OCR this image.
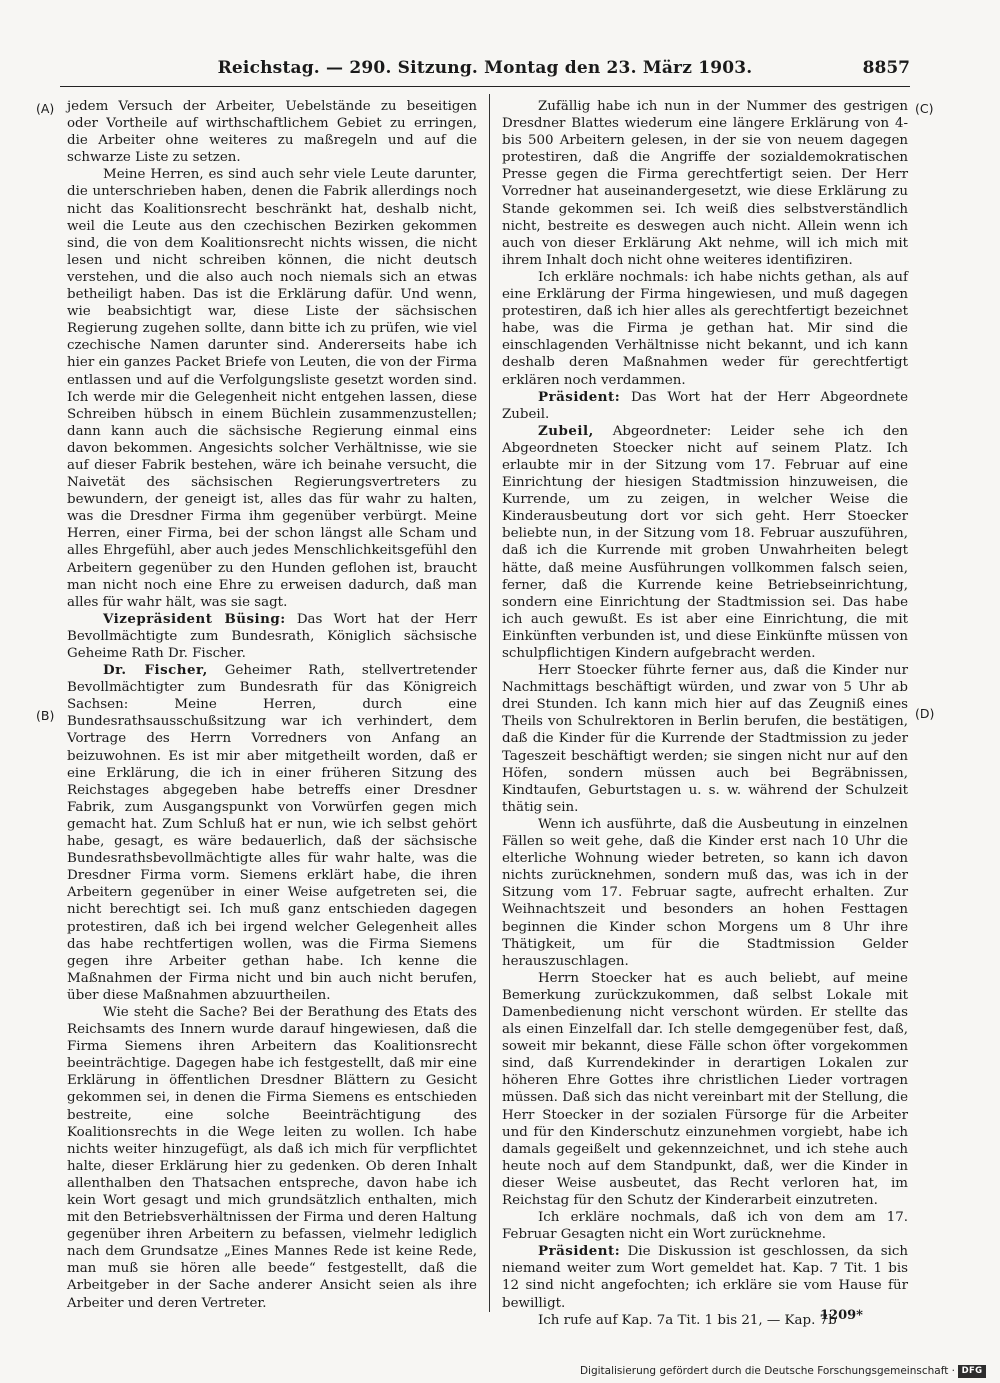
Reichstag. — 290. Sitzung. Montag den 23. März 1903.	8857
(A)
(B)
(C)
(D)

jedem Versuch der Arbeiter, Uebelstände zu beseitigen oder Vortheile auf wirthschaftlichem Gebiet zu erringen, die Arbeiter ohne weiteres zu maßregeln und auf die schwarze Liste zu setzen.

Meine Herren, es sind auch sehr viele Leute darunter, die unterschrieben haben, denen die Fabrik allerdings noch nicht das Koalitionsrecht beschränkt hat, deshalb nicht, weil die Leute aus den czechischen Bezirken gekommen sind, die von dem Koalitionsrecht nichts wissen, die nicht lesen und nicht schreiben können, die nicht deutsch verstehen, und die also auch noch niemals sich an etwas betheiligt haben. Das ist die Erklärung dafür. Und wenn, wie beabsichtigt war, diese Liste der sächsischen Regierung zugehen sollte, dann bitte ich zu prüfen, wie viel czechische Namen darunter sind. Andererseits habe ich hier ein ganzes Packet Briefe von Leuten, die von der Firma entlassen und auf die Verfolgungsliste gesetzt worden sind. Ich werde mir die Gelegenheit nicht entgehen lassen, diese Schreiben hübsch in einem Büchlein zusammenzustellen; dann kann auch die sächsische Regierung einmal eins davon bekommen. Angesichts solcher Verhältnisse, wie sie auf dieser Fabrik bestehen, wäre ich beinahe versucht, die Naivetät des sächsischen Regierungsvertreters zu bewundern, der geneigt ist, alles das für wahr zu halten, was die Dresdner Firma ihm gegenüber verbürgt. Meine Herren, einer Firma, bei der schon längst alle Scham und alles Ehrgefühl, aber auch jedes Menschlichkeitsgefühl den Arbeitern gegenüber zu den Hunden geflohen ist, braucht man nicht noch eine Ehre zu erweisen dadurch, daß man alles für wahr hält, was sie sagt.

Vizepräsident Büsing: Das Wort hat der Herr Bevollmächtigte zum Bundesrath, Königlich sächsische Geheime Rath Dr. Fischer.

Dr. Fischer, Geheimer Rath, stellvertretender Bevollmächtigter zum Bundesrath für das Königreich Sachsen: Meine Herren, durch eine Bundesrathsausschußsitzung war ich verhindert, dem Vortrage des Herrn Vorredners von Anfang an beizuwohnen. Es ist mir aber mitgetheilt worden, daß er eine Erklärung, die ich in einer früheren Sitzung des Reichstages abgegeben habe betreffs einer Dresdner Fabrik, zum Ausgangspunkt von Vorwürfen gegen mich gemacht hat. Zum Schluß hat er nun, wie ich selbst gehört habe, gesagt, es wäre bedauerlich, daß der sächsische Bundesrathsbevollmächtigte alles für wahr halte, was die Dresdner Firma vorm. Siemens erklärt habe, die ihren Arbeitern gegenüber in einer Weise aufgetreten sei, die nicht berechtigt sei. Ich muß ganz entschieden dagegen protestiren, daß ich bei irgend welcher Gelegenheit alles das habe rechtfertigen wollen, was die Firma Siemens gegen ihre Arbeiter gethan habe. Ich kenne die Maßnahmen der Firma nicht und bin auch nicht berufen, über diese Maßnahmen abzuurtheilen.

Wie steht die Sache? Bei der Berathung des Etats des Reichsamts des Innern wurde darauf hingewiesen, daß die Firma Siemens ihren Arbeitern das Koalitionsrecht beeinträchtige. Dagegen habe ich festgestellt, daß mir eine Erklärung in öffentlichen Dresdner Blättern zu Gesicht gekommen sei, in denen die Firma Siemens es entschieden bestreite, eine solche Beeinträchtigung des Koalitionsrechts in die Wege leiten zu wollen. Ich habe nichts weiter hinzugefügt, als daß ich mich für verpflichtet halte, dieser Erklärung hier zu gedenken. Ob deren Inhalt allenthalben den Thatsachen entspreche, davon habe ich kein Wort gesagt und mich grundsätzlich enthalten, mich mit den Betriebsverhältnissen der Firma und deren Haltung gegenüber ihren Arbeitern zu befassen, vielmehr lediglich nach dem Grundsatze „Eines Mannes Rede ist keine Rede, man muß sie hören alle beede“ festgestellt, daß die Arbeitgeber in der Sache anderer Ansicht seien als ihre Arbeiter und deren Vertreter.

Zufällig habe ich nun in der Nummer des gestrigen Dresdner Blattes wiederum eine längere Erklärung von 4- bis 500 Arbeitern gelesen, in der sie von neuem dagegen protestiren, daß die Angriffe der sozialdemokratischen Presse gegen die Firma gerechtfertigt seien. Der Herr Vorredner hat auseinandergesetzt, wie diese Erklärung zu Stande gekommen sei. Ich weiß dies selbstverständlich nicht, bestreite es deswegen auch nicht. Allein wenn ich auch von dieser Erklärung Akt nehme, will ich mich mit ihrem Inhalt doch nicht ohne weiteres identifiziren.

Ich erkläre nochmals: ich habe nichts gethan, als auf eine Erklärung der Firma hingewiesen, und muß dagegen protestiren, daß ich hier alles als gerechtfertigt bezeichnet habe, was die Firma je gethan hat. Mir sind die einschlagenden Verhältnisse nicht bekannt, und ich kann deshalb deren Maßnahmen weder für gerechtfertigt erklären noch verdammen.

Präsident: Das Wort hat der Herr Abgeordnete Zubeil.

Zubeil, Abgeordneter: Leider sehe ich den Abgeordneten Stoecker nicht auf seinem Platz. Ich erlaubte mir in der Sitzung vom 17. Februar auf eine Einrichtung der hiesigen Stadtmission hinzuweisen, die Kurrende, um zu zeigen, in welcher Weise die Kinderausbeutung dort vor sich geht. Herr Stoecker beliebte nun, in der Sitzung vom 18. Februar auszuführen, daß ich die Kurrende mit groben Unwahrheiten belegt hätte, daß meine Ausführungen vollkommen falsch seien, ferner, daß die Kurrende keine Betriebseinrichtung, sondern eine Einrichtung der Stadtmission sei. Das habe ich auch gewußt. Es ist aber eine Einrichtung, die mit Einkünften verbunden ist, und diese Einkünfte müssen von schulpflichtigen Kindern aufgebracht werden.

Herr Stoecker führte ferner aus, daß die Kinder nur Nachmittags beschäftigt würden, und zwar von 5 Uhr ab drei Stunden. Ich kann mich hier auf das Zeugniß eines Theils von Schulrektoren in Berlin berufen, die bestätigen, daß die Kinder für die Kurrende der Stadtmission zu jeder Tageszeit beschäftigt werden; sie singen nicht nur auf den Höfen, sondern müssen auch bei Begräbnissen, Kindtaufen, Geburtstagen u. s. w. während der Schulzeit thätig sein.

Wenn ich ausführte, daß die Ausbeutung in einzelnen Fällen so weit gehe, daß die Kinder erst nach 10 Uhr die elterliche Wohnung wieder betreten, so kann ich davon nichts zurücknehmen, sondern muß das, was ich in der Sitzung vom 17. Februar sagte, aufrecht erhalten. Zur Weihnachtszeit und besonders an hohen Festtagen beginnen die Kinder schon Morgens um 8 Uhr ihre Thätigkeit, um für die Stadtmission Gelder herauszuschlagen.

Herrn Stoecker hat es auch beliebt, auf meine Bemerkung zurückzukommen, daß selbst Lokale mit Damenbedienung nicht verschont würden. Er stellte das als einen Einzelfall dar. Ich stelle demgegenüber fest, daß, soweit mir bekannt, diese Fälle schon öfter vorgekommen sind, daß Kurrendekinder in derartigen Lokalen zur höheren Ehre Gottes ihre christlichen Lieder vortragen müssen. Daß sich das nicht vereinbart mit der Stellung, die Herr Stoecker in der sozialen Fürsorge für die Arbeiter und für den Kinderschutz einzunehmen vorgiebt, habe ich damals gegeißelt und gekennzeichnet, und ich stehe auch heute noch auf dem Standpunkt, daß, wer die Kinder in dieser Weise ausbeutet, das Recht verloren hat, im Reichstag für den Schutz der Kinderarbeit einzutreten.

Ich erkläre nochmals, daß ich von dem am 17. Februar Gesagten nicht ein Wort zurücknehme.

Präsident: Die Diskussion ist geschlossen, da sich niemand weiter zum Wort gemeldet hat. Kap. 7 Tit. 1 bis 12 sind nicht angefochten; ich erkläre sie vom Hause für bewilligt.

Ich rufe auf Kap. 7a Tit. 1 bis 21, — Kap. 7b

1209*
Digitalisierung gefördert durch die Deutsche Forschungsgemeinschaft · DFG
